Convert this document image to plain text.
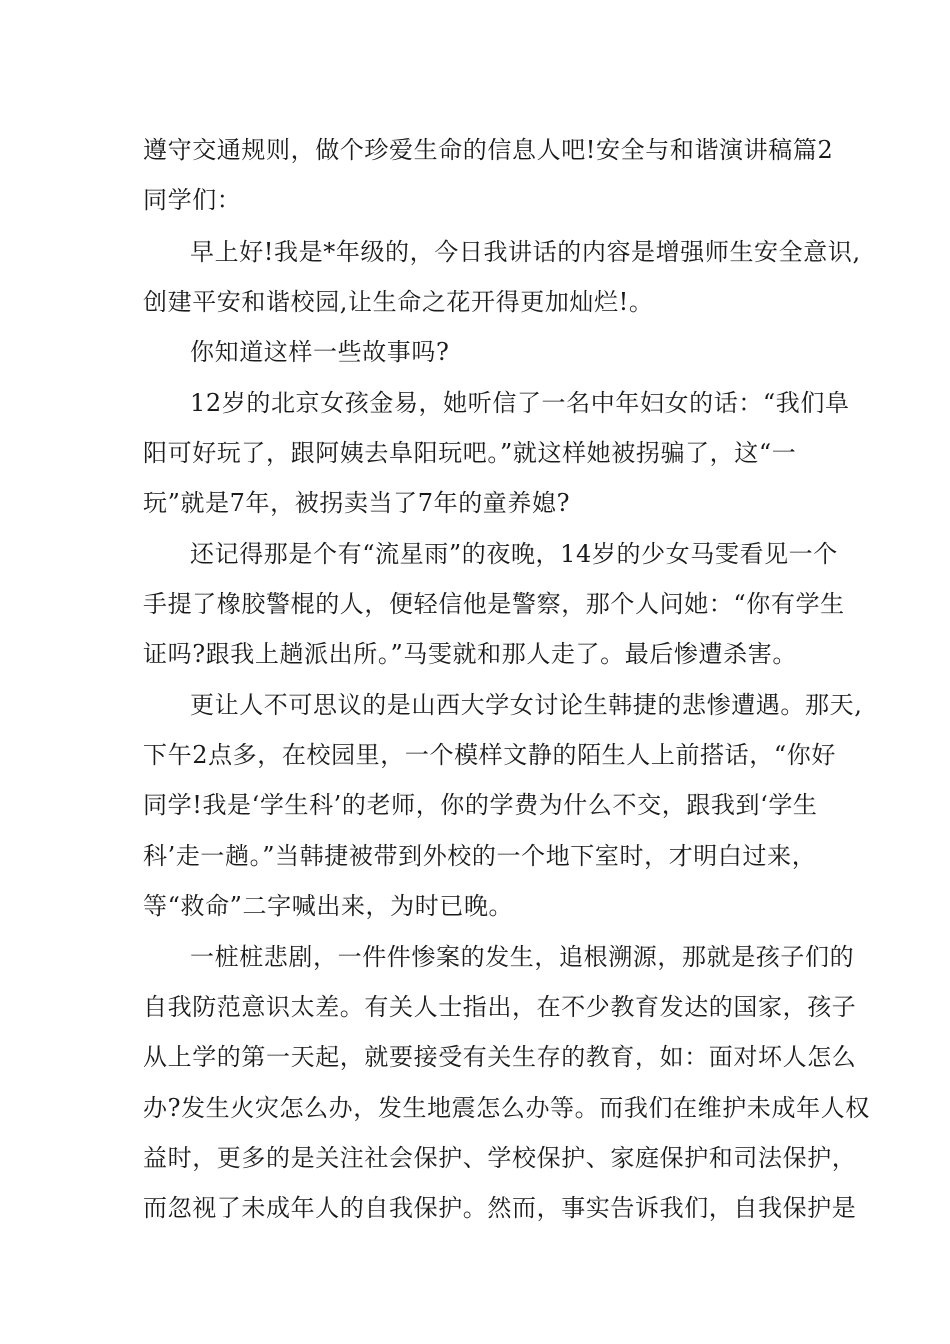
遵守交通规则，做个珍爱生命的信息人吧!安全与和谐演讲稿篇2
同学们：
早上好!我是*年级的，今日我讲话的内容是增强师生安全意识,
创建平安和谐校园,让生命之花开得更加灿烂!。
你知道这样一些故事吗?
12岁的北京女孩金易，她听信了一名中年妇女的话：“我们阜
阳可好玩了，跟阿姨去阜阳玩吧。”就这样她被拐骗了，这“一
玩”就是7年，被拐卖当了7年的童养媳?
还记得那是个有“流星雨”的夜晚，14岁的少女马雯看见一个
手提了橡胶警棍的人，便轻信他是警察，那个人问她：“你有学生
证吗?跟我上趟派出所。”马雯就和那人走了。最后惨遭杀害。
更让人不可思议的是山西大学女讨论生韩捷的悲惨遭遇。那天,
下午2点多，在校园里，一个模样文静的陌生人上前搭话，“你好
同学!我是‘学生科’的老师，你的学费为什么不交，跟我到‘学生
科’走一趟。”当韩捷被带到外校的一个地下室时，才明白过来，
等“救命”二字喊出来，为时已晚。
一桩桩悲剧，一件件惨案的发生，追根溯源，那就是孩子们的
自我防范意识太差。有关人士指出，在不少教育发达的国家，孩子
从上学的第一天起，就要接受有关生存的教育，如：面对坏人怎么
办?发生火灾怎么办，发生地震怎么办等。而我们在维护未成年人权
益时，更多的是关注社会保护、学校保护、家庭保护和司法保护，
而忽视了未成年人的自我保护。然而，事实告诉我们，自我保护是
